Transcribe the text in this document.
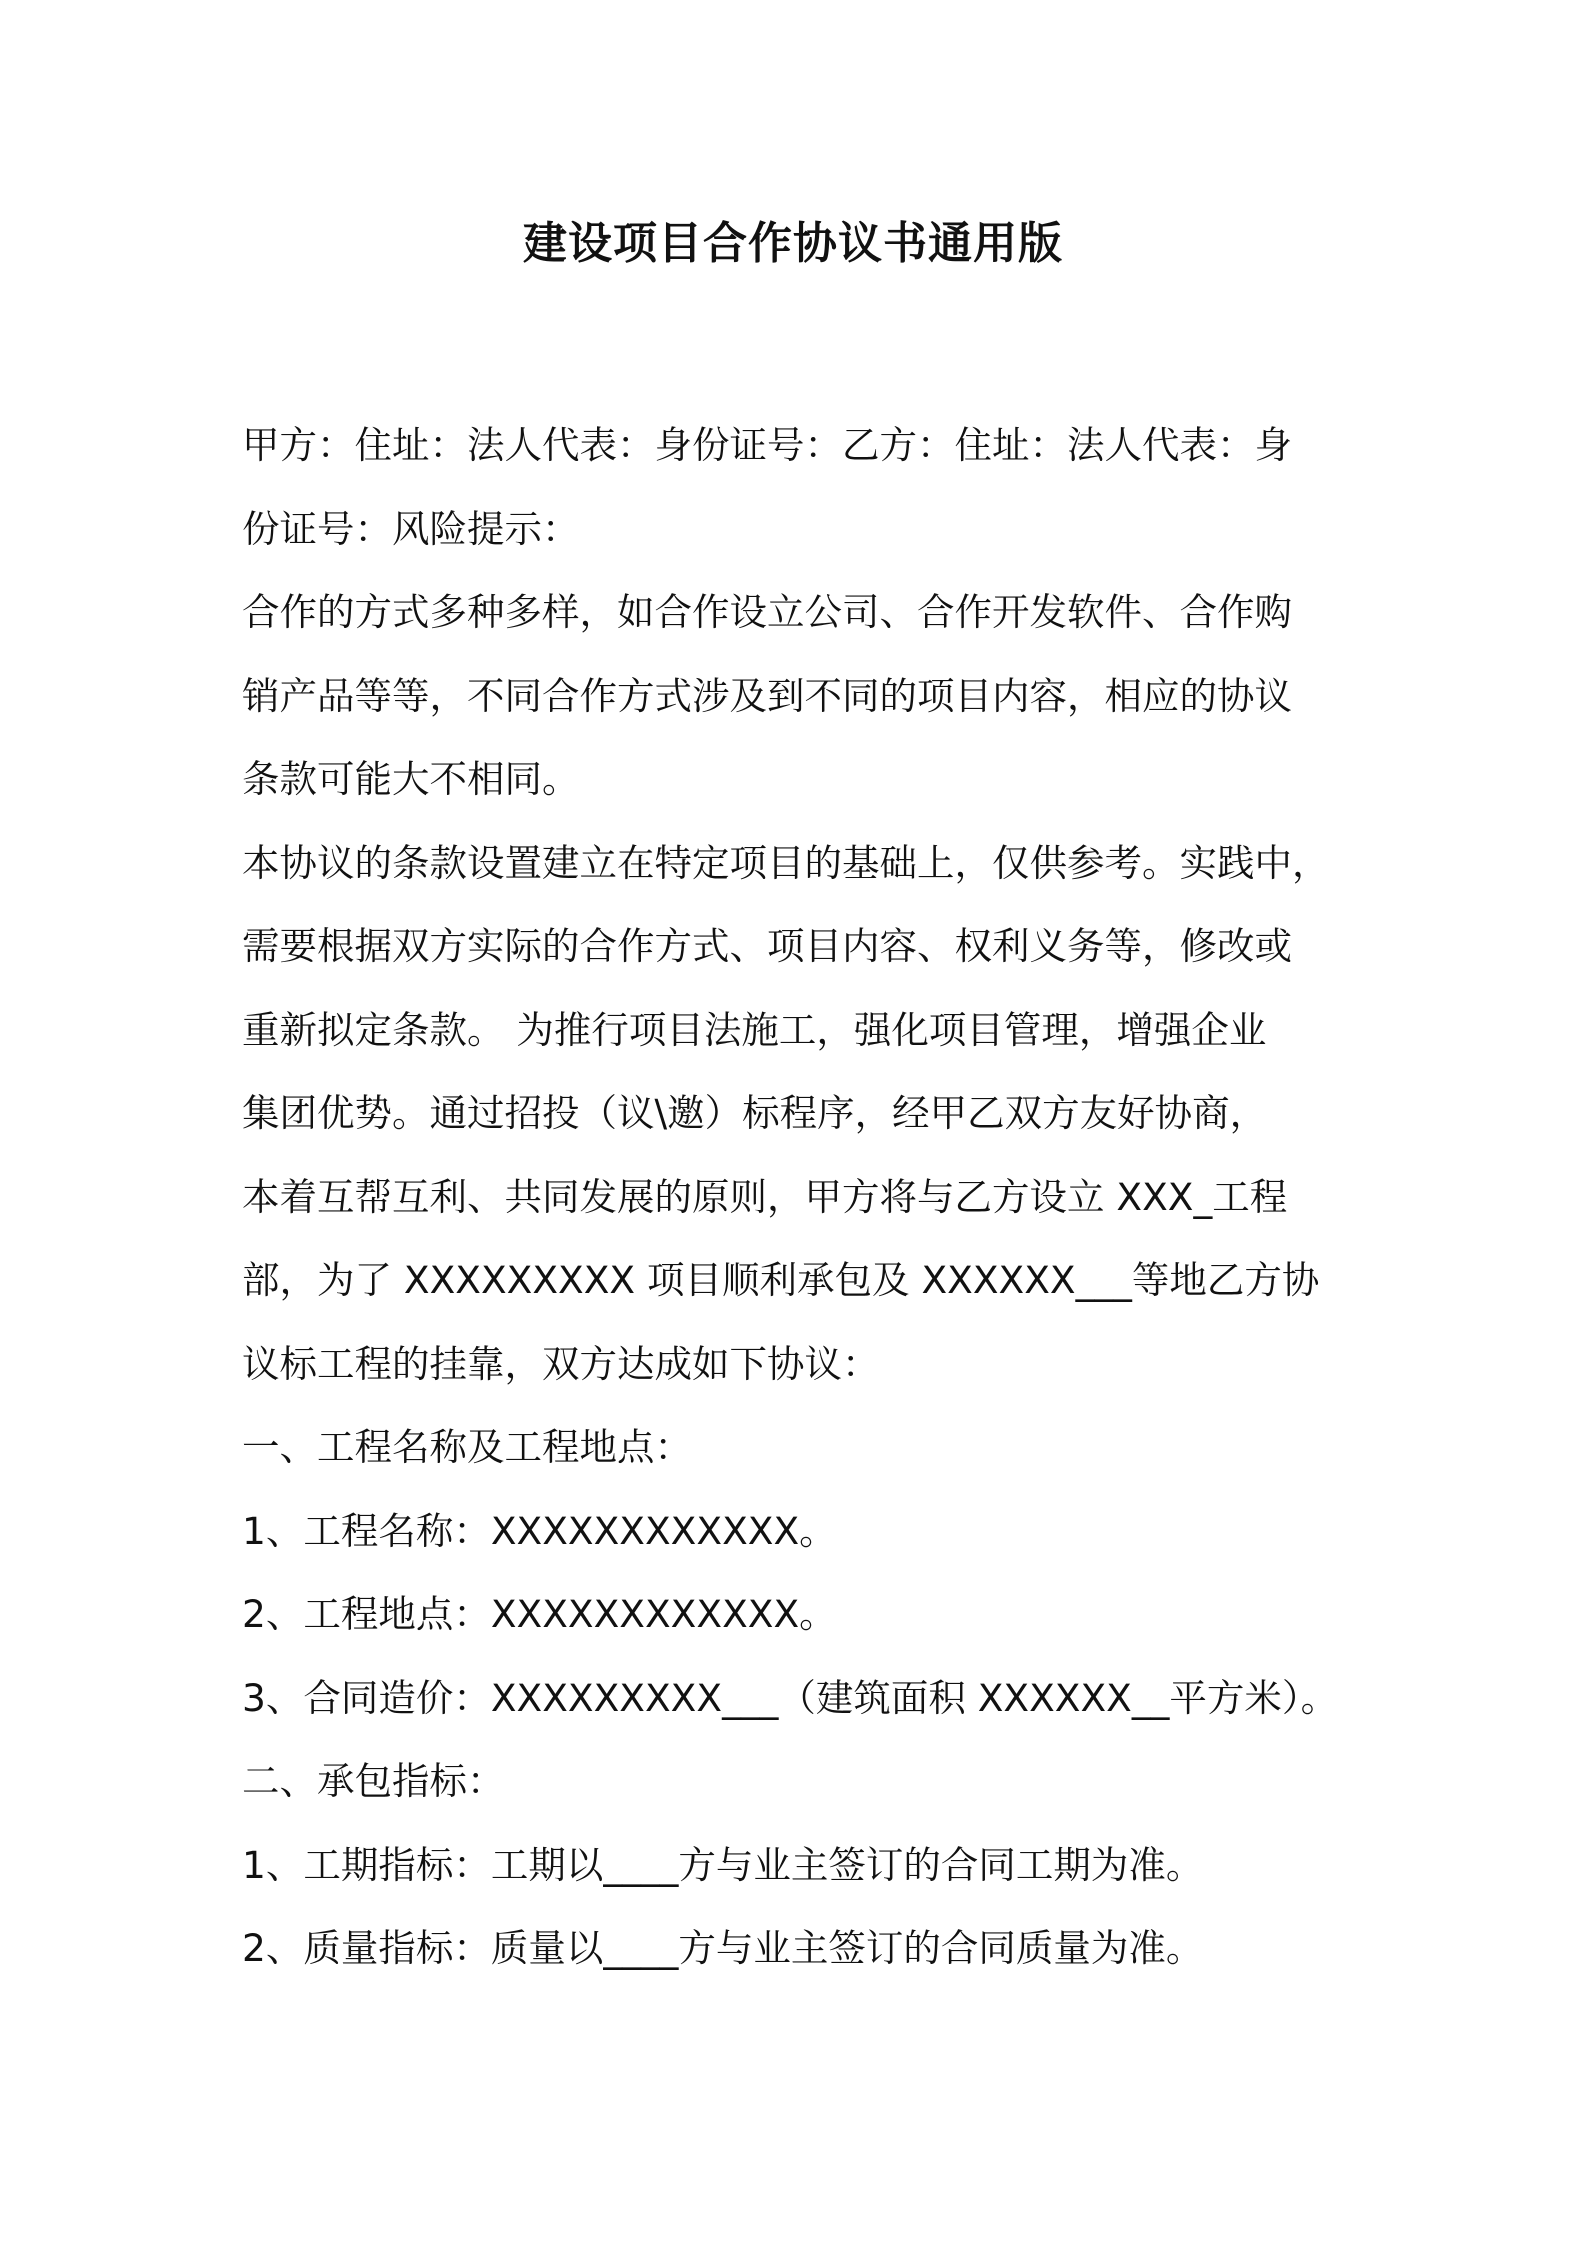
建设项目合作协议书通用版
甲方：住址：法人代表：身份证号：乙方：住址：法人代表：身
份证号：风险提示：
合作的方式多种多样，如合作设立公司、合作开发软件、合作购
销产品等等，不同合作方式涉及到不同的项目内容，相应的协议
条款可能大不相同。
本协议的条款设置建立在特定项目的基础上，仅供参考。实践中，
需要根据双方实际的合作方式、项目内容、权利义务等，修改或
重新拟定条款。 为推行项目法施工，强化项目管理，增强企业
集团优势。通过招投（议\邀）标程序，经甲乙双方友好协商，
本着互帮互利、共同发展的原则，甲方将与乙方设立 XXX_工程
部，为了 XXXXXXXXX 项目顺利承包及 XXXXXX___等地乙方协
议标工程的挂靠，双方达成如下协议：
一、工程名称及工程地点：
1、工程名称：XXXXXXXXXXXX。
2、工程地点：XXXXXXXXXXXX。
3、合同造价：XXXXXXXXX___（建筑面积 XXXXXX__平方米）。
二、承包指标：
1、工期指标：工期以____方与业主签订的合同工期为准。
2、质量指标：质量以____方与业主签订的合同质量为准。
